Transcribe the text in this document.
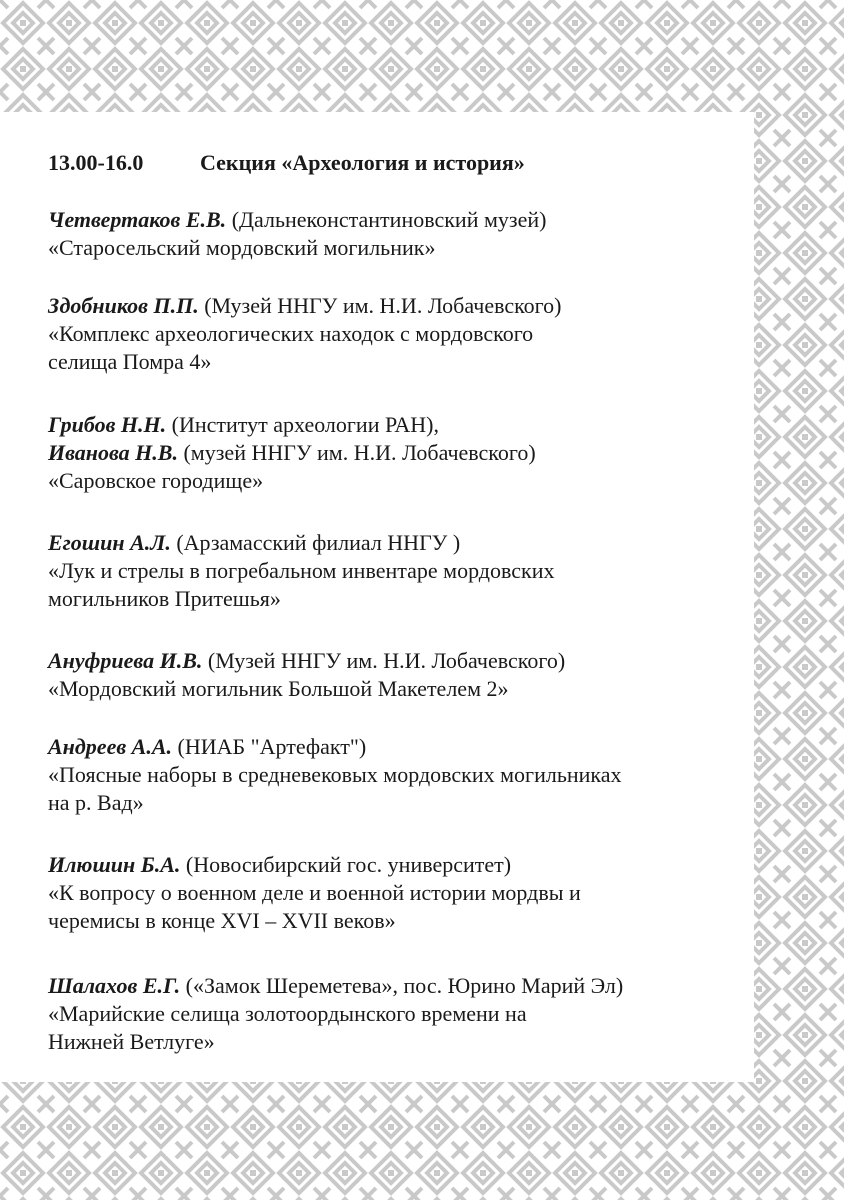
13.00-16.0	Секция «Археология и история»
Четвертаков Е.В. (Дальнеконстантиновский музей)
«Старосельский мордовский могильник»
Здобников П.П. (Музей ННГУ им. Н.И. Лобачевского)
«Комплекс археологических находок с мордовского
селища Помра 4»
Грибов Н.Н. (Институт археологии РАН),
Иванова Н.В. (музей ННГУ им. Н.И. Лобачевского)
«Саровское городище»
Егошин А.Л. (Арзамасский филиал ННГУ )
«Лук и стрелы в погребальном инвентаре мордовских
могильников Притешья»
Ануфриева И.В. (Музей ННГУ им. Н.И. Лобачевского)
«Мордовский могильник Большой Макетелем 2»
Андреев А.А. (НИАБ "Артефакт")
«Поясные наборы в средневековых мордовских могильниках
на р. Вад»
Илюшин Б.А. (Новосибирский гос. университет)
«К вопросу о военном деле и военной истории мордвы и
черемисы в конце XVI – XVII веков»
Шалахов Е.Г. («Замок Шереметева», пос. Юрино Марий Эл)
«Марийские селища золотоордынского времени на
Нижней Ветлуге»
